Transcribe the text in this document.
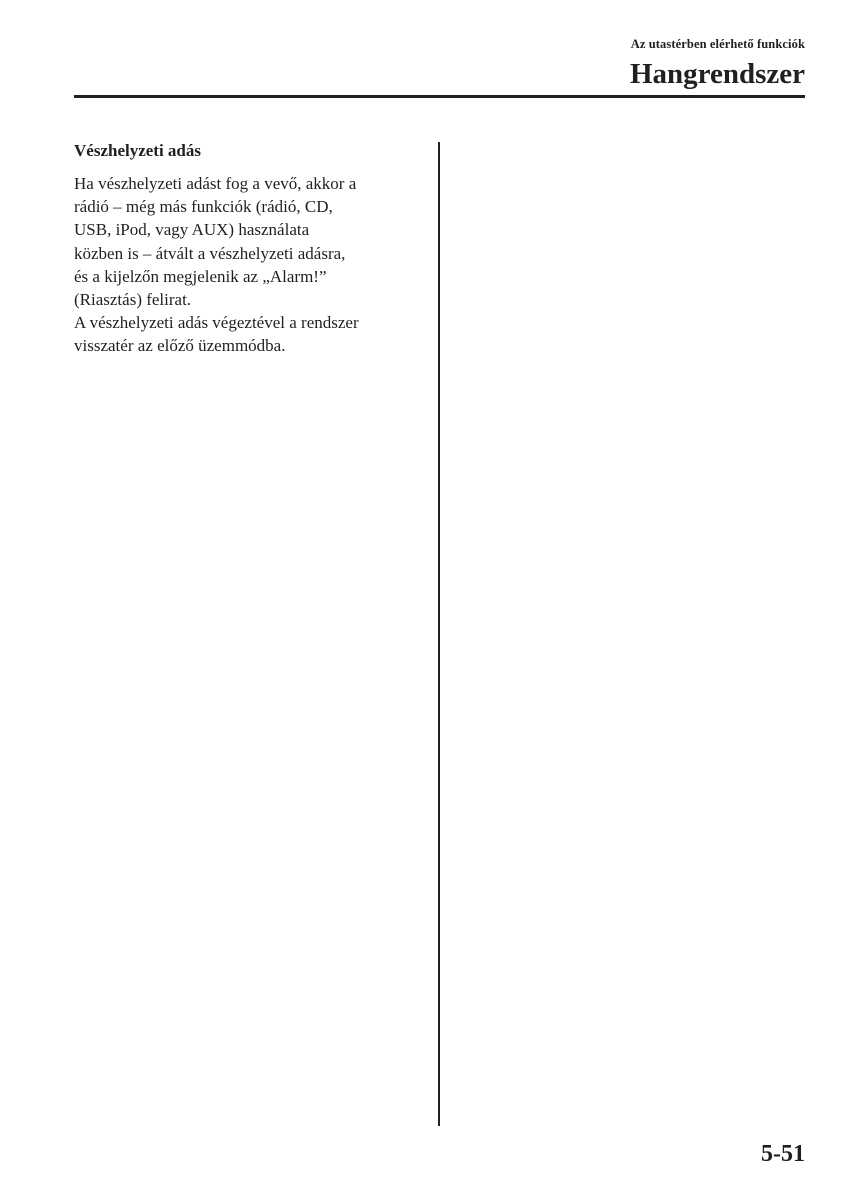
Az utastérben elérhető funkciók
Hangrendszer
Vészhelyzeti adás

Ha vészhelyzeti adást fog a vevő, akkor a
rádió – még más funkciók (rádió, CD,
USB, iPod, vagy AUX) használata
közben is – átvált a vészhelyzeti adásra,
és a kijelzőn megjelenik az „Alarm!”
(Riasztás) felirat.

A vészhelyzeti adás végeztével a rendszer
visszatér az előző üzemmódba.

5-51
